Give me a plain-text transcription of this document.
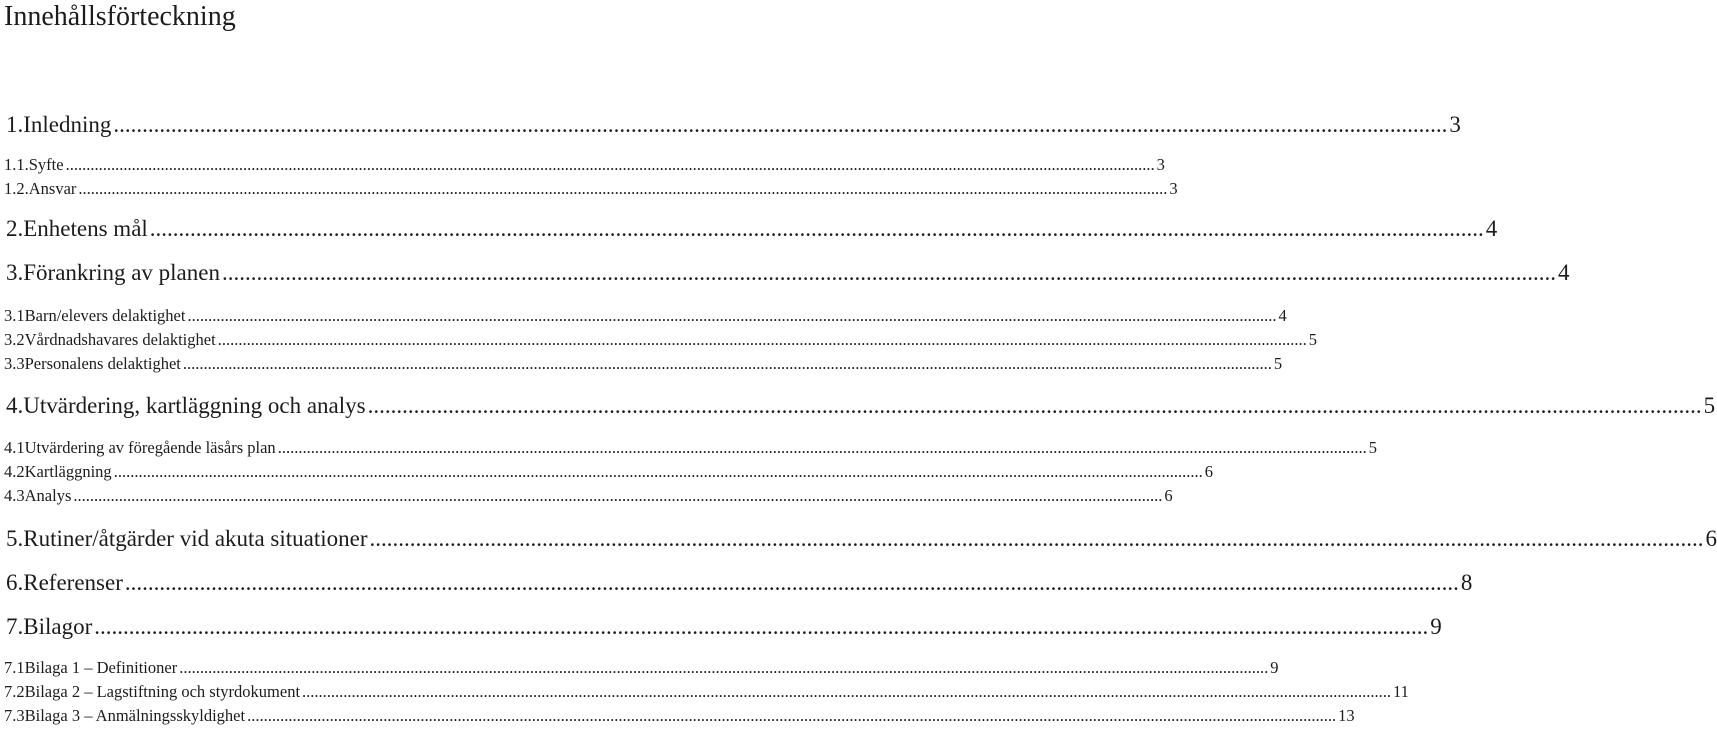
Innehållsförteckning
1. Inledning ........................................................................................................................................................................................................................................ 3
1.1. Syfte ........................................................................................................................................................................................................................................................................ 3
1.2. Ansvar ........................................................................................................................................................................................................................................................................ 3
2. Enhetens mål ........................................................................................................................................................................................................................................ 4
3. Förankring av planen ........................................................................................................................................................................................................................................ 4
3.1 Barn/elevers delaktighet ........................................................................................................................................................................................................................................................................ 4
3.2 Vårdnadshavares delaktighet ........................................................................................................................................................................................................................................................................ 5
3.3 Personalens delaktighet ........................................................................................................................................................................................................................................................................ 5
4. Utvärdering, kartläggning och analys ........................................................................................................................................................................................................................................ 5
4.1 Utvärdering av föregående läsårs plan ........................................................................................................................................................................................................................................................................ 5
4.2 Kartläggning ........................................................................................................................................................................................................................................................................ 6
4.3 Analys ........................................................................................................................................................................................................................................................................ 6
5. Rutiner/åtgärder vid akuta situationer ........................................................................................................................................................................................................................................ 6
6. Referenser ........................................................................................................................................................................................................................................ 8
7. Bilagor ........................................................................................................................................................................................................................................ 9
7.1 Bilaga 1 – Definitioner ........................................................................................................................................................................................................................................................................ 9
7.2 Bilaga 2 – Lagstiftning och styrdokument ........................................................................................................................................................................................................................................................................ 11
7.3 Bilaga 3 – Anmälningsskyldighet ........................................................................................................................................................................................................................................................................ 13
